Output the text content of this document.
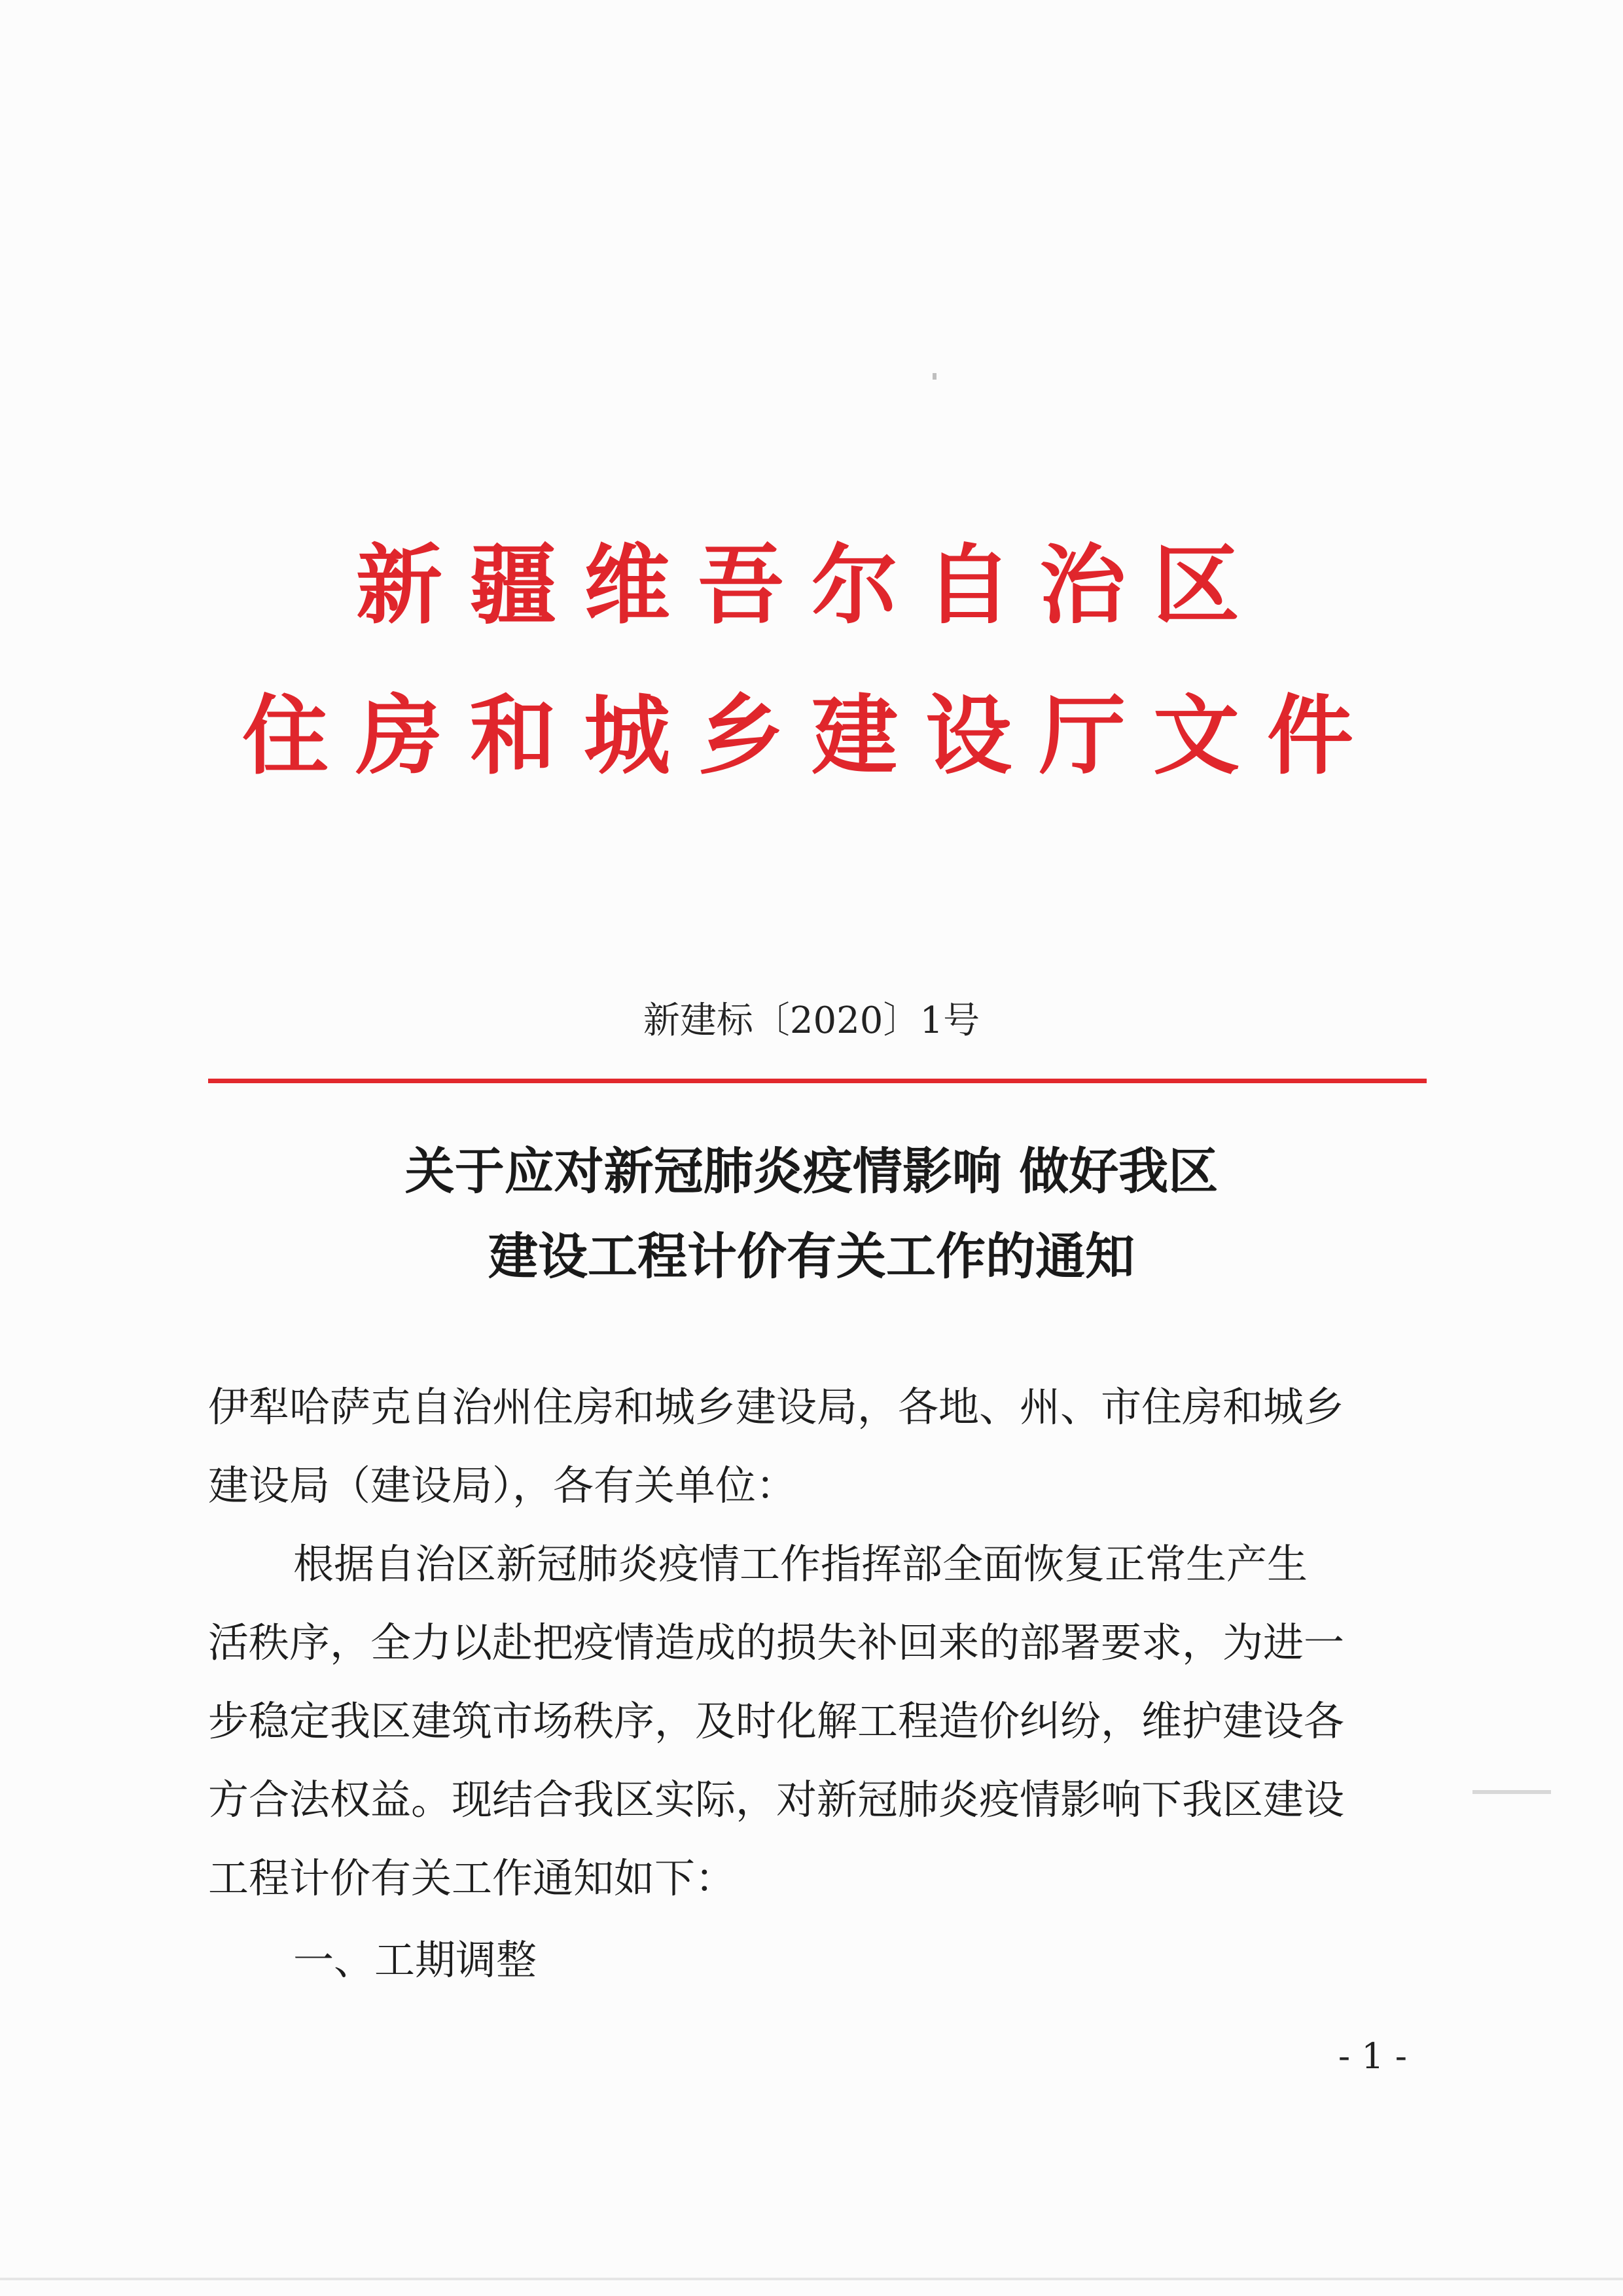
新疆维吾尔自治区
住房和城乡建设厅文件
新建标〔2020〕1号
关于应对新冠肺炎疫情影响 做好我区
建设工程计价有关工作的通知
伊犁哈萨克自治州住房和城乡建设局，各地、州、市住房和城乡
建设局（建设局），各有关单位：
根据自治区新冠肺炎疫情工作指挥部全面恢复正常生产生
活秩序，全力以赴把疫情造成的损失补回来的部署要求，为进一
步稳定我区建筑市场秩序，及时化解工程造价纠纷，维护建设各
方合法权益。现结合我区实际，对新冠肺炎疫情影响下我区建设
工程计价有关工作通知如下：
一、工期调整
- 1 -
